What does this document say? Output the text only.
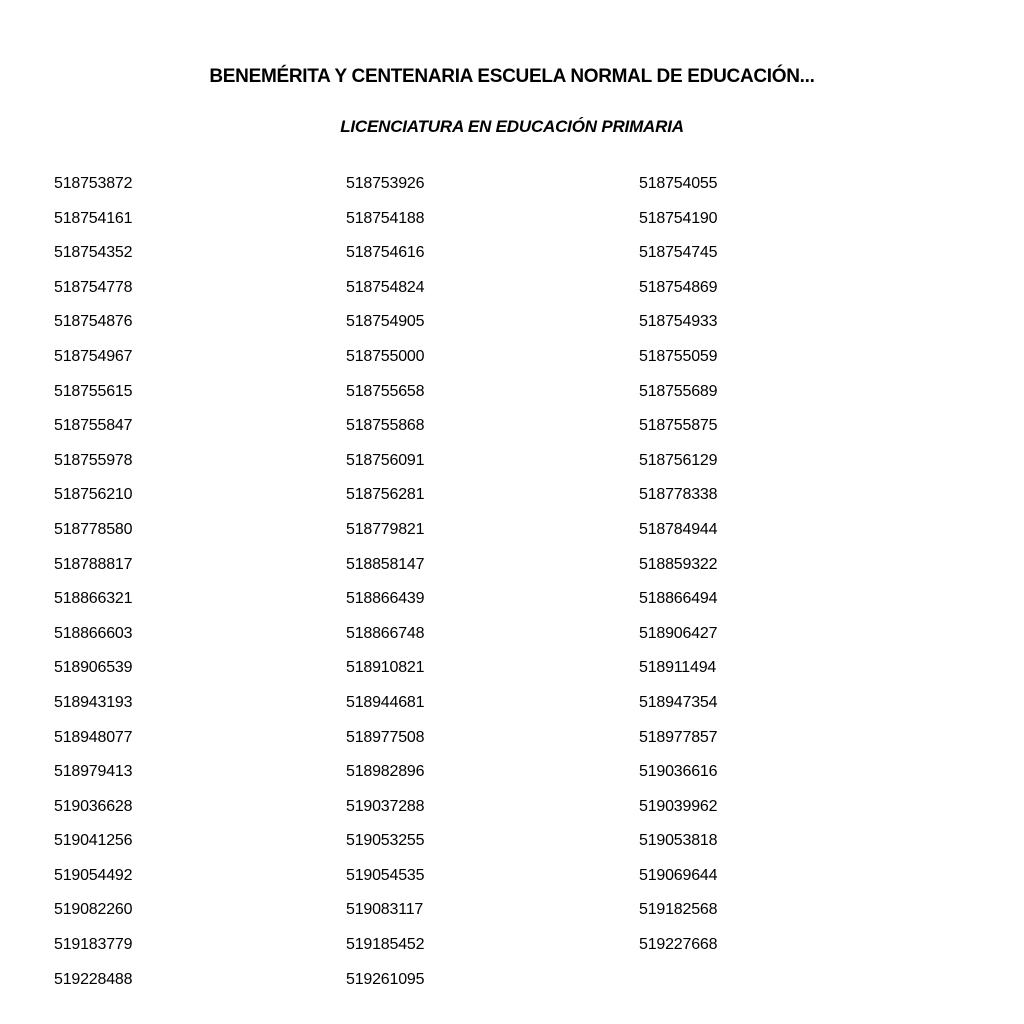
BENEMÉRITA Y CENTENARIA ESCUELA NORMAL DE EDUCACIÓN...
LICENCIATURA EN EDUCACIÓN PRIMARIA
518753872	518753926	518754055
518754161	518754188	518754190
518754352	518754616	518754745
518754778	518754824	518754869
518754876	518754905	518754933
518754967	518755000	518755059
518755615	518755658	518755689
518755847	518755868	518755875
518755978	518756091	518756129
518756210	518756281	518778338
518778580	518779821	518784944
518788817	518858147	518859322
518866321	518866439	518866494
518866603	518866748	518906427
518906539	518910821	518911494
518943193	518944681	518947354
518948077	518977508	518977857
518979413	518982896	519036616
519036628	519037288	519039962
519041256	519053255	519053818
519054492	519054535	519069644
519082260	519083117	519182568
519183779	519185452	519227668
519228488	519261095
